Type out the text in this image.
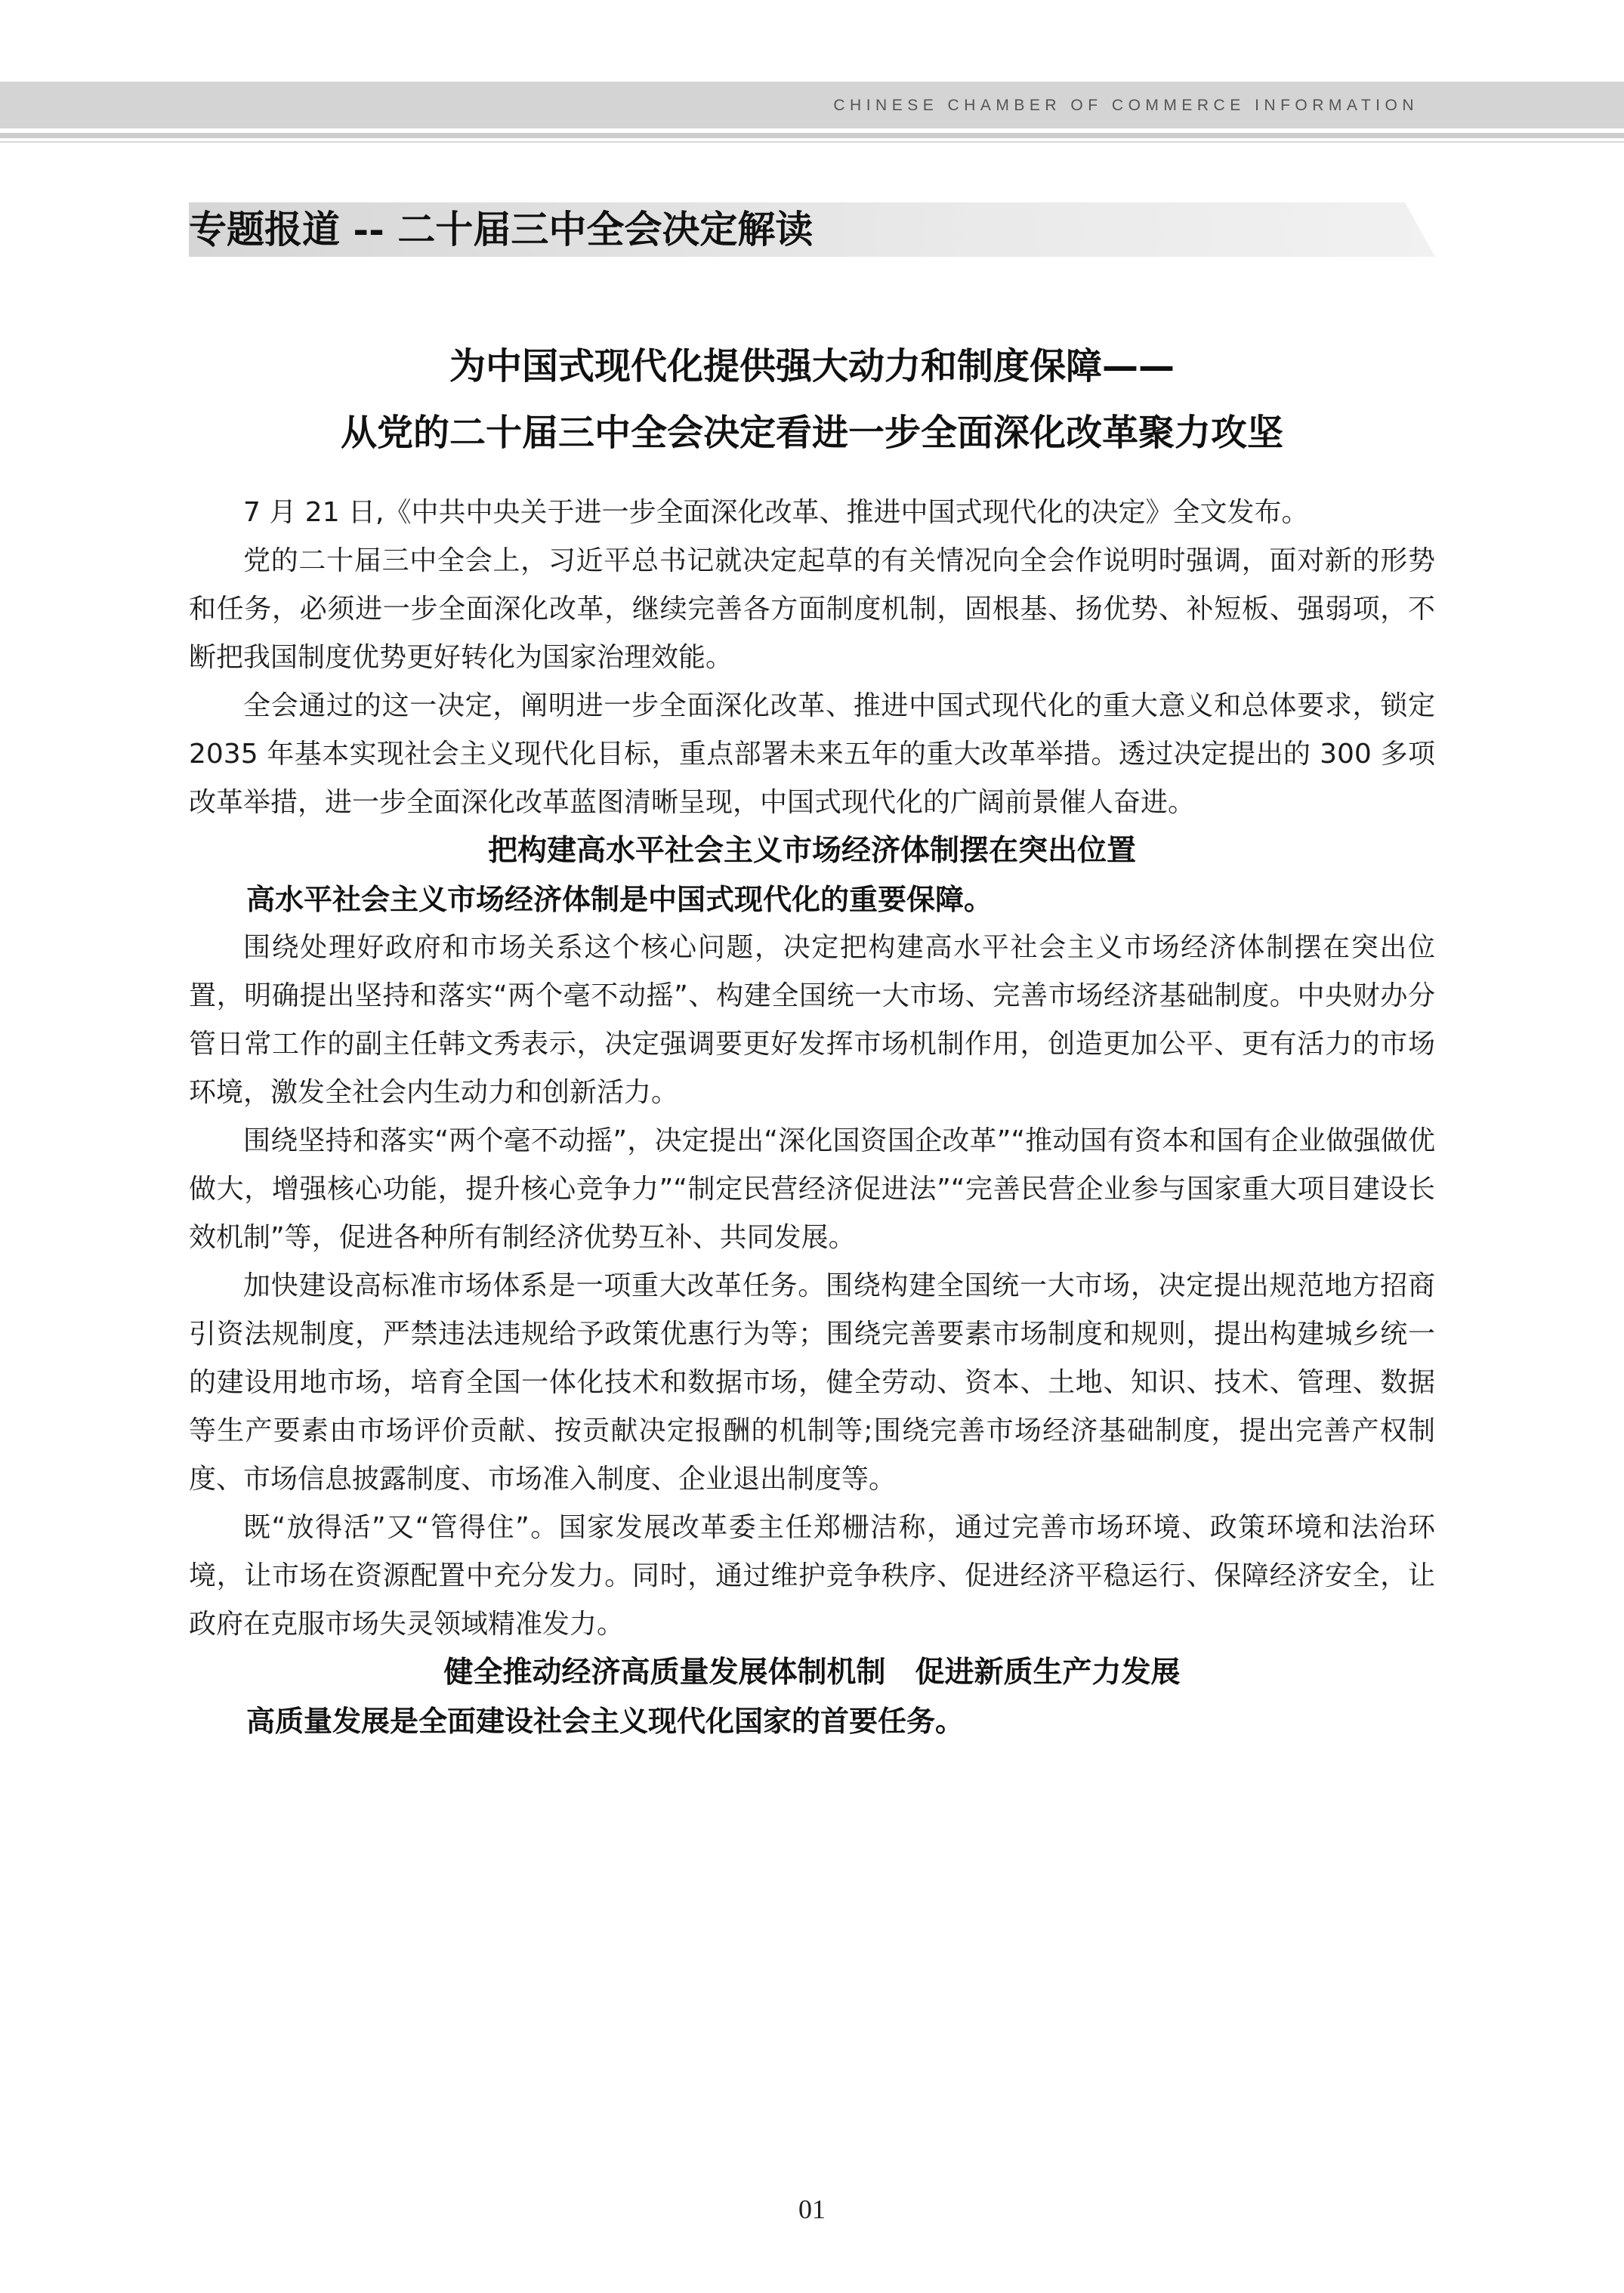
CHINESE CHAMBER OF COMMERCE INFORMATION
专题报道 -- 二十届三中全会决定解读
为中国式现代化提供强大动力和制度保障——
从党的二十届三中全会决定看进一步全面深化改革聚力攻坚

7 月 21 日,《中共中央关于进一步全面深化改革、推进中国式现代化的决定》全文发布。

党的二十届三中全会上，习近平总书记就决定起草的有关情况向全会作说明时强调，面对新的形势和任务，必须进一步全面深化改革，继续完善各方面制度机制，固根基、扬优势、补短板、强弱项，不断把我国制度优势更好转化为国家治理效能。

全会通过的这一决定，阐明进一步全面深化改革、推进中国式现代化的重大意义和总体要求，锁定 2035 年基本实现社会主义现代化目标，重点部署未来五年的重大改革举措。透过决定提出的 300 多项改革举措，进一步全面深化改革蓝图清晰呈现，中国式现代化的广阔前景催人奋进。

把构建高水平社会主义市场经济体制摆在突出位置

高水平社会主义市场经济体制是中国式现代化的重要保障。

围绕处理好政府和市场关系这个核心问题，决定把构建高水平社会主义市场经济体制摆在突出位置，明确提出坚持和落实“两个毫不动摇”、构建全国统一大市场、完善市场经济基础制度。中央财办分管日常工作的副主任韩文秀表示，决定强调要更好发挥市场机制作用，创造更加公平、更有活力的市场环境，激发全社会内生动力和创新活力。

围绕坚持和落实“两个毫不动摇”，决定提出“深化国资国企改革”“推动国有资本和国有企业做强做优做大，增强核心功能，提升核心竞争力”“制定民营经济促进法”“完善民营企业参与国家重大项目建设长效机制”等，促进各种所有制经济优势互补、共同发展。

加快建设高标准市场体系是一项重大改革任务。围绕构建全国统一大市场，决定提出规范地方招商引资法规制度，严禁违法违规给予政策优惠行为等；围绕完善要素市场制度和规则，提出构建城乡统一的建设用地市场，培育全国一体化技术和数据市场，健全劳动、资本、土地、知识、技术、管理、数据等生产要素由市场评价贡献、按贡献决定报酬的机制等;围绕完善市场经济基础制度，提出完善产权制度、市场信息披露制度、市场准入制度、企业退出制度等。

既“放得活”又“管得住”。国家发展改革委主任郑栅洁称，通过完善市场环境、政策环境和法治环境，让市场在资源配置中充分发力。同时，通过维护竞争秩序、促进经济平稳运行、保障经济安全，让政府在克服市场失灵领域精准发力。

健全推动经济高质量发展体制机制　促进新质生产力发展

高质量发展是全面建设社会主义现代化国家的首要任务。

01
